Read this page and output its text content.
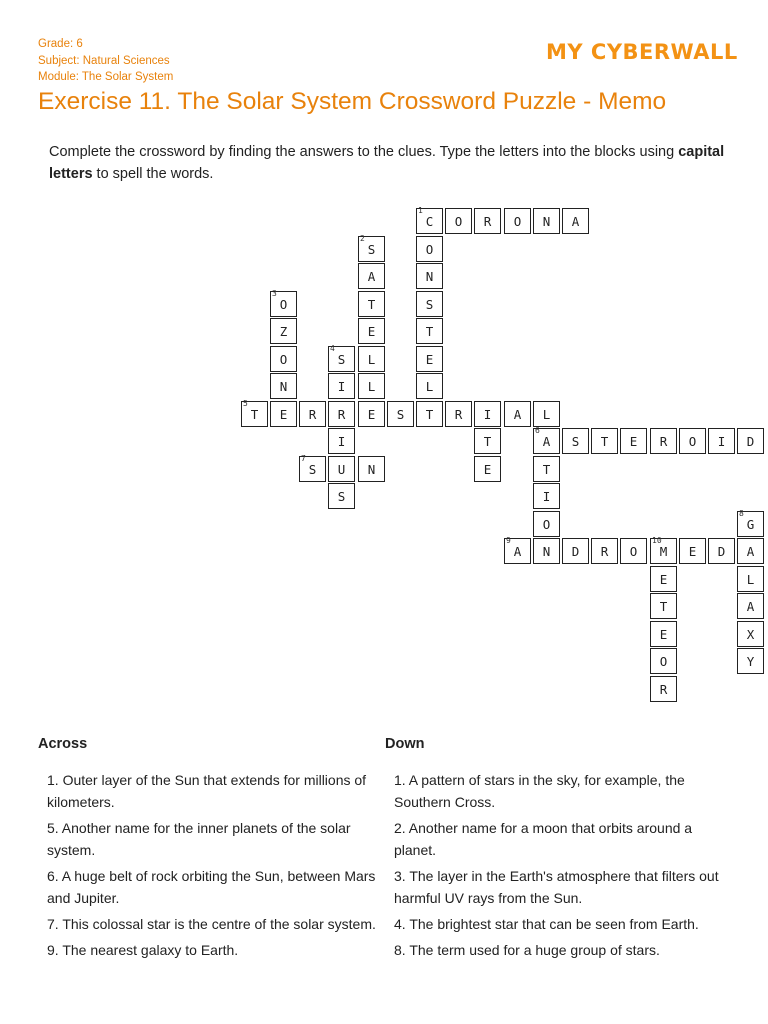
Grade: 6
Subject: Natural Sciences
Module: The Solar System
MY CYBERWALL
Exercise 11. The Solar System Crossword Puzzle - Memo
Complete the crossword by finding the answers to the clues. Type the letters into the blocks using capital letters to spell the words.
C
1
O	R	O	N	A
S
2
O
A	N
O
3
T	S
Z	E	T
O	S
4
L	E
N	I	L	L
T
5
E	R	R	E	S	T	R	I	A	L
I	T	A
6
S	T	E	R	O	I	D
S
7
U	N	E	T
S	I
O	G
8
A
9
N	D	R	O	M
10
E	D	A
E	L
T	A
E	X
O	Y
R
Across
1. Outer layer of the Sun that extends for millions of kilometers.
5. Another name for the inner planets of the solar system.
6. A huge belt of rock orbiting the Sun, between Mars and Jupiter.
7. This colossal star is the centre of the solar system.
9. The nearest galaxy to Earth.
Down
1. A pattern of stars in the sky, for example, the Southern Cross.
2. Another name for a moon that orbits around a planet.
3. The layer in the Earth's atmosphere that filters out harmful UV rays from the Sun.
4. The brightest star that can be seen from Earth.
8. The term used for a huge group of stars.
